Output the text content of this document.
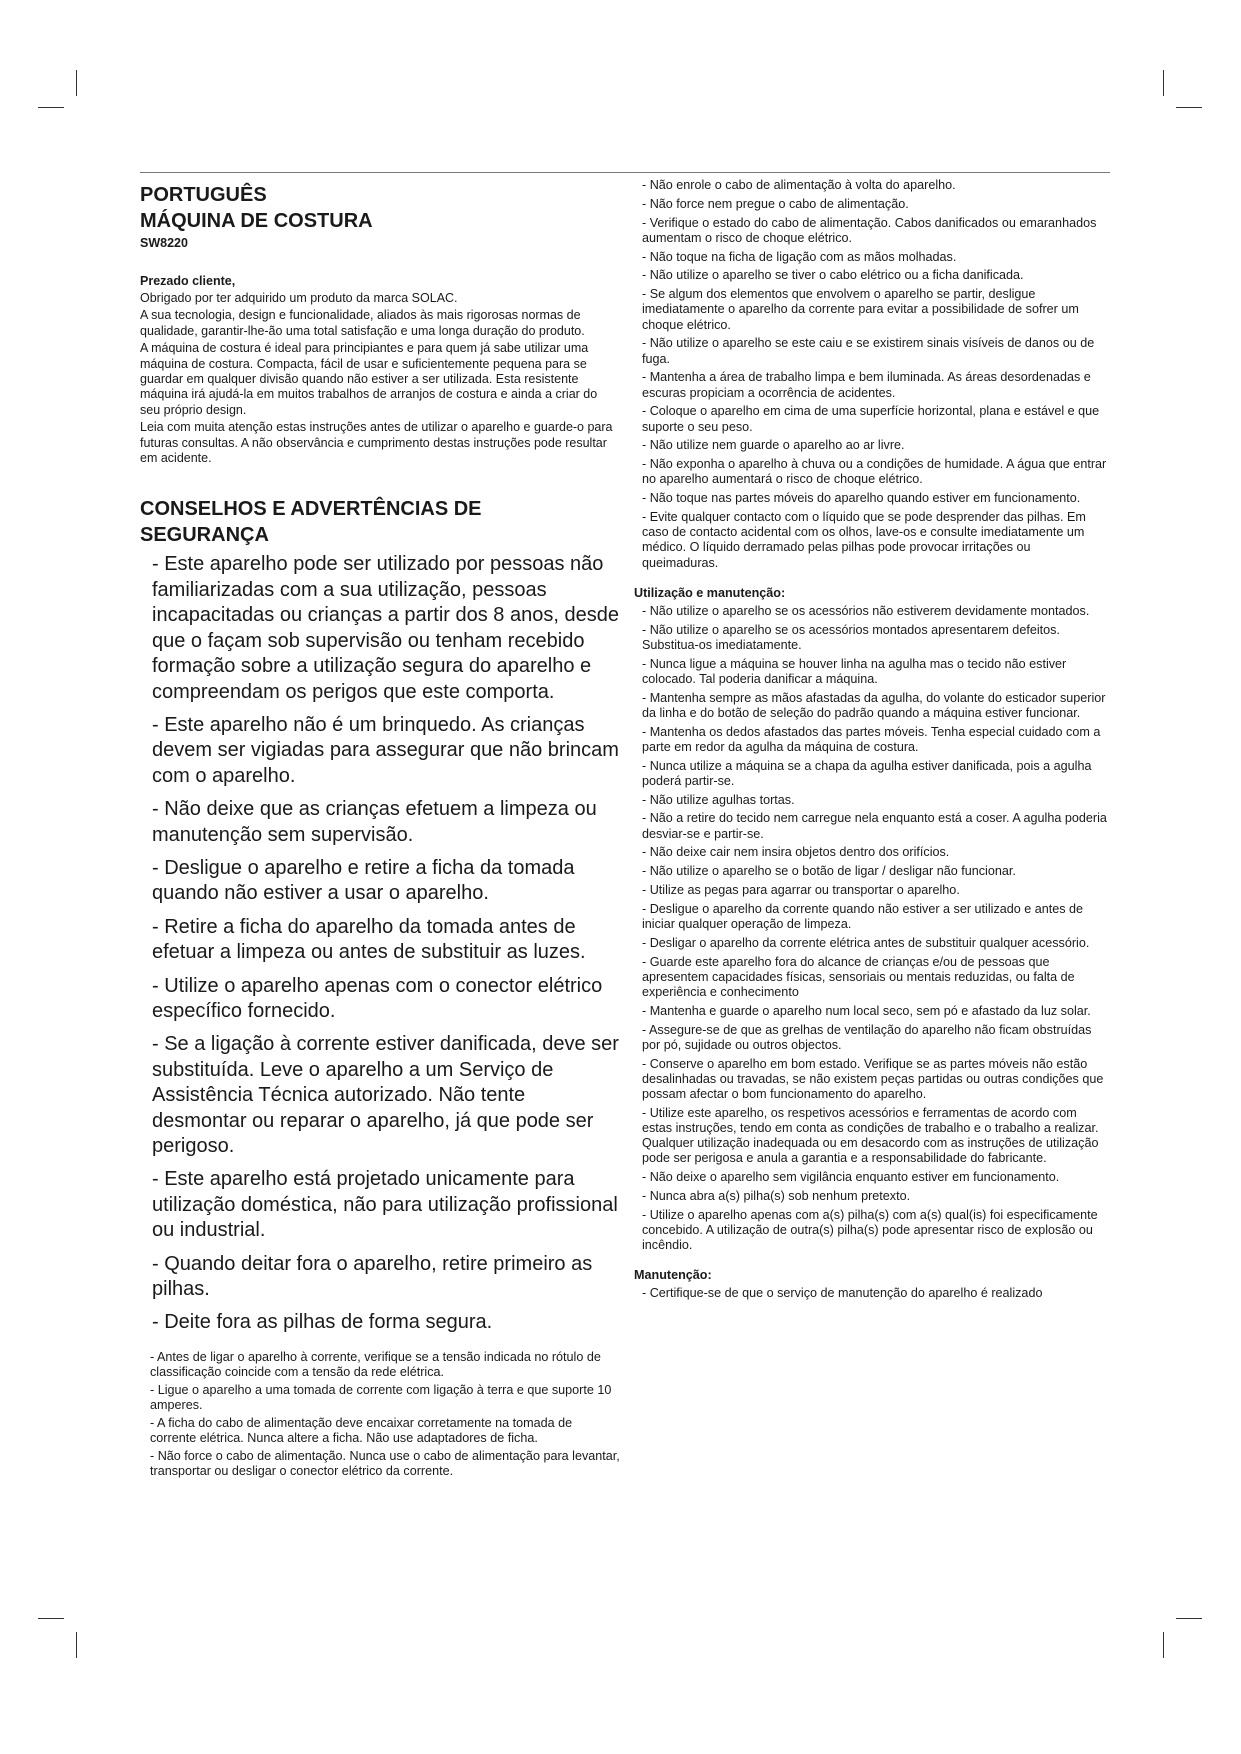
PORTUGUÊS
MÁQUINA DE COSTURA
SW8220
Prezado cliente,

Obrigado por ter adquirido um produto da marca SOLAC.

A sua tecnologia, design e funcionalidade, aliados às mais rigorosas normas de qualidade, garantir-lhe-ão uma total satisfação e uma longa duração do produto.

A máquina de costura é ideal para principiantes e para quem já sabe utilizar uma máquina de costura. Compacta, fácil de usar e suficientemente pequena para se guardar em qualquer divisão quando não estiver a ser utilizada. Esta resistente máquina irá ajudá-la em muitos trabalhos de arranjos de costura e ainda a criar do seu próprio design.

Leia com muita atenção estas instruções antes de utilizar o aparelho e guarde-o para futuras consultas. A não observância e cumprimento destas instruções pode resultar em acidente.

CONSELHOS E ADVERTÊNCIAS DE SEGURANÇA
- Este aparelho pode ser utilizado por pessoas não familiarizadas com a sua utilização, pessoas incapacitadas ou crianças a partir dos 8 anos, desde que o façam sob supervisão ou tenham recebido formação sobre a utilização segura do aparelho e compreendam os perigos que este comporta.
- Este aparelho não é um brinquedo. As crianças devem ser vigiadas para assegurar que não brincam com o aparelho.
- Não deixe que as crianças efetuem a limpeza ou manutenção sem supervisão.
- Desligue o aparelho e retire a ficha da tomada quando não estiver a usar o aparelho.
- Retire a ficha do aparelho da tomada antes de efetuar a limpeza ou antes de substituir as luzes.
- Utilize o aparelho apenas com o conector elétrico específico fornecido.
- Se a ligação à corrente estiver danificada, deve ser substituída. Leve o aparelho a um Serviço de Assistência Técnica autorizado. Não tente desmontar ou reparar o aparelho, já que pode ser perigoso.
- Este aparelho está projetado unicamente para utilização doméstica, não para utilização profissional ou industrial.
- Quando deitar fora o aparelho, retire primeiro as pilhas.
- Deite fora as pilhas de forma segura.
- Antes de ligar o aparelho à corrente, verifique se a tensão indicada no rótulo de classificação coincide com a tensão da rede elétrica.
- Ligue o aparelho a uma tomada de corrente com ligação à terra e que suporte 10 amperes.
- A ficha do cabo de alimentação deve encaixar corretamente na tomada de corrente elétrica. Nunca altere a ficha. Não use adaptadores de ficha.
- Não force o cabo de alimentação. Nunca use o cabo de alimentação para levantar, transportar ou desligar o conector elétrico da corrente.
- Não enrole o cabo de alimentação à volta do aparelho.
- Não force nem pregue o cabo de alimentação.
- Verifique o estado do cabo de alimentação. Cabos danificados ou emaranhados aumentam o risco de choque elétrico.
- Não toque na ficha de ligação com as mãos molhadas.
- Não utilize o aparelho se tiver o cabo elétrico ou a ficha danificada.
- Se algum dos elementos que envolvem o aparelho se partir, desligue imediatamente o aparelho da corrente para evitar a possibilidade de sofrer um choque elétrico.
- Não utilize o aparelho se este caiu e se existirem sinais visíveis de danos ou de fuga.
- Mantenha a área de trabalho limpa e bem iluminada. As áreas desordenadas e escuras propiciam a ocorrência de acidentes.
- Coloque o aparelho em cima de uma superfície horizontal, plana e estável e que suporte o seu peso.
- Não utilize nem guarde o aparelho ao ar livre.
- Não exponha o aparelho à chuva ou a condições de humidade. A água que entrar no aparelho aumentará o risco de choque elétrico.
- Não toque nas partes móveis do aparelho quando estiver em funcionamento.
- Evite qualquer contacto com o líquido que se pode desprender das pilhas. Em caso de contacto acidental com os olhos, lave-os e consulte imediatamente um médico. O líquido derramado pelas pilhas pode provocar irritações ou queimaduras.
Utilização e manutenção:
- Não utilize o aparelho se os acessórios não estiverem devidamente montados.
- Não utilize o aparelho se os acessórios montados apresentarem defeitos. Substitua-os imediatamente.
- Nunca ligue a máquina se houver linha na agulha mas o tecido não estiver colocado. Tal poderia danificar a máquina.
- Mantenha sempre as mãos afastadas da agulha, do volante do esticador superior da linha e do botão de seleção do padrão quando a máquina estiver funcionar.
- Mantenha os dedos afastados das partes móveis. Tenha especial cuidado com a parte em redor da agulha da máquina de costura.
- Nunca utilize a máquina se a chapa da agulha estiver danificada, pois a agulha poderá partir-se.
- Não utilize agulhas tortas.
- Não a retire do tecido nem carregue nela enquanto está a coser. A agulha poderia desviar-se e partir-se.
- Não deixe cair nem insira objetos dentro dos orifícios.
- Não utilize o aparelho se o botão de ligar / desligar não funcionar.
- Utilize as pegas para agarrar ou transportar o aparelho.
- Desligue o aparelho da corrente quando não estiver a ser utilizado e antes de iniciar qualquer operação de limpeza.
- Desligar o aparelho da corrente elétrica antes de substituir qualquer acessório.
- Guarde este aparelho fora do alcance de crianças e/ou de pessoas que apresentem capacidades físicas, sensoriais ou mentais reduzidas, ou falta de experiência e conhecimento
- Mantenha e guarde o aparelho num local seco, sem pó e afastado da luz solar.
- Assegure-se de que as grelhas de ventilação do aparelho não ficam obstruídas por pó, sujidade ou outros objectos.
- Conserve o aparelho em bom estado. Verifique se as partes móveis não estão desalinhadas ou travadas, se não existem peças partidas ou outras condições que possam afectar o bom funcionamento do aparelho.
- Utilize este aparelho, os respetivos acessórios e ferramentas de acordo com estas instruções, tendo em conta as condições de trabalho e o trabalho a realizar. Qualquer utilização inadequada ou em desacordo com as instruções de utilização pode ser perigosa e anula a garantia e a responsabilidade do fabricante.
- Não deixe o aparelho sem vigilância enquanto estiver em funcionamento.
- Nunca abra a(s) pilha(s) sob nenhum pretexto.
- Utilize o aparelho apenas com a(s) pilha(s) com a(s) qual(is) foi especificamente concebido. A utilização de outra(s) pilha(s) pode apresentar risco de explosão ou incêndio.
Manutenção:
- Certifique-se de que o serviço de manutenção do aparelho é realizado
